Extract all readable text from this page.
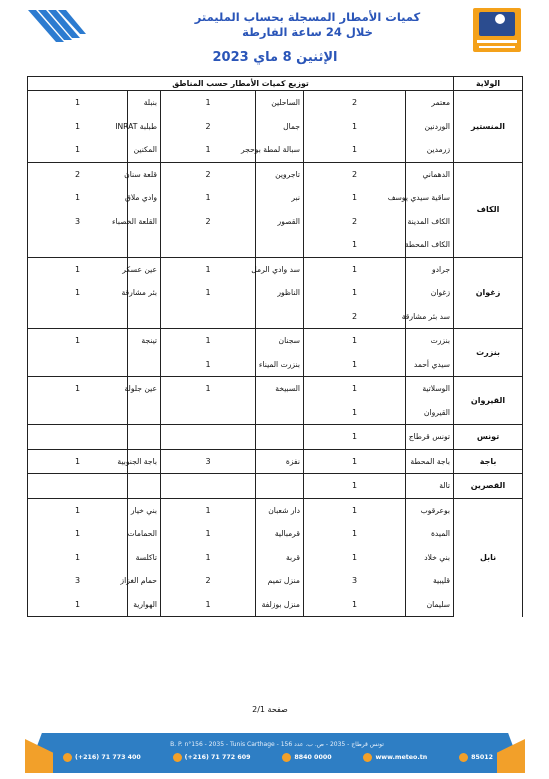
كميات الأمطار المسجلة بحساب المليمتر
خلال 24 ساعة الفارطة
الإثنين 8 ماي 2023
توزيع كميات الأمطار حسب المناطق						الولاية
1	بنبلة	1	الساحلين	2	معتمر	المنستير
1	طبلبة INRAT	2	جمال	1	الوردنين	
1	المكنين	1	سبالة لمطة بوحجر	1	زرمدين	
2	قلعة سنان	2	تاجروين	2	الدهماني	الكاف
1	وادي ملاق	1	نبر	1	ساقية سيدي يوسف	
3	القلعة الخصباء	2	القصور	2	الكاف المدينة	
				1	الكاف المحطة	
1	عين عسكر	1	سد وادي الرمل	1	جرادو	زغوان
1	بئر مشارقة	1	الناظور	1	زغوان	
				2	سد بئر مشارقة	
1	تينجة	1	سجنان	1	بنزرت	بنزرت
		1	بنزرت الميناء	1	سيدي أحمد	
1	عين جلولة	1	السبيخة	1	الوسلاتية	القيروان
				1	القيروان	
				1	تونس قرطاج	تونس
1	باجة الجنوبية	3	نفزة	1	باجة المحطة	باجة
				1	تالة	القصرين
1	بني خيار	1	دار شعبان	1	بوعرقوب	نابل
1	الحمامات	1	قرمبالية	1	الميدة	
1	تاكلسة	1	قربة	1	بني خلاد	
3	حمام الغزاز	2	منزل تميم	3	قليبية	
1	الهوارية	1	منزل بوزلفة	1	سليمان	
صفحة 2/1
B. P. n°156 - 2035 - Tunis Carthage - تونس قرطاج - 2035 - ص. ب. عدد 156
(+216) 71 773 400	(+216) 71 772 609	8840 0000	www.meteo.tn	85012
